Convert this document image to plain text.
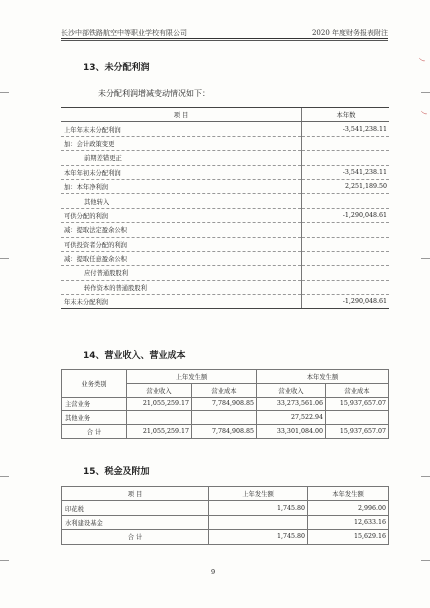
长沙中部铁路航空中等职业学校有限公司	2020 年度财务报表附注
13、未分配利润
未分配利润增减变动情况如下：
项 目	本年数
上年年末未分配利润	-3,541,238.11
加：会计政策变更	
前期差错更正	
本年年初未分配利润	-3,541,238.11
加：本年净利润	2,251,189.50
其他转入	
可供分配的利润	-1,290,048.61
减：提取法定盈余公积	
可供投资者分配的利润	
减：提取任意盈余公积	
应付普通股股利	
转作资本的普通股股利	
年末未分配利润	-1,290,048.61
14、营业收入、营业成本
业务类别	上年发生额		本年发生额	
	营业收入	营业成本	营业收入	营业成本
主营业务	21,055,259.17	7,784,908.85	33,273,561.06	15,937,657.07
其他业务			27,522.94	
合 计	21,055,259.17	7,784,908.85	33,301,084.00	15,937,657.07
15、税金及附加
项 目	上年发生额	本年发生额
印花税	1,745.80	2,996.00
水利建设基金		12,633.16
合 计	1,745.80	15,629.16
9
ノ
ノ
